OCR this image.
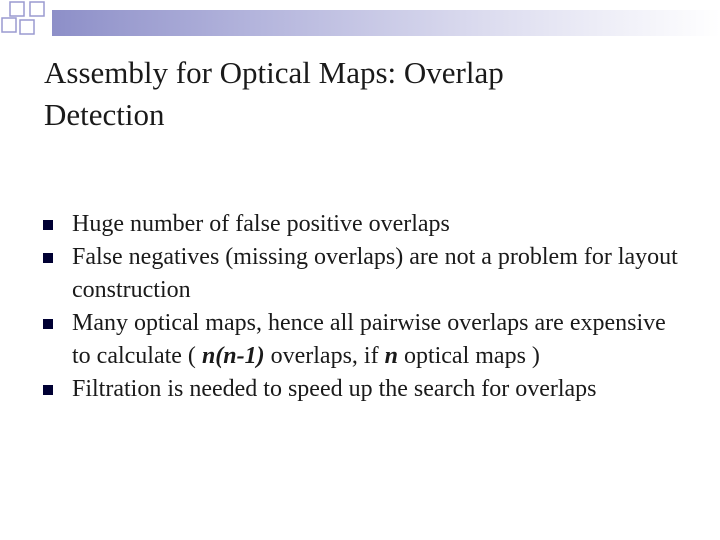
Assembly for Optical Maps: Overlap
Detection
Huge number of false positive overlaps
False negatives (missing overlaps) are not a problem for layout construction
Many optical maps, hence all pairwise overlaps are expensive to calculate ( n(n-1) overlaps, if n optical maps )
Filtration is needed to speed up the search for overlaps
